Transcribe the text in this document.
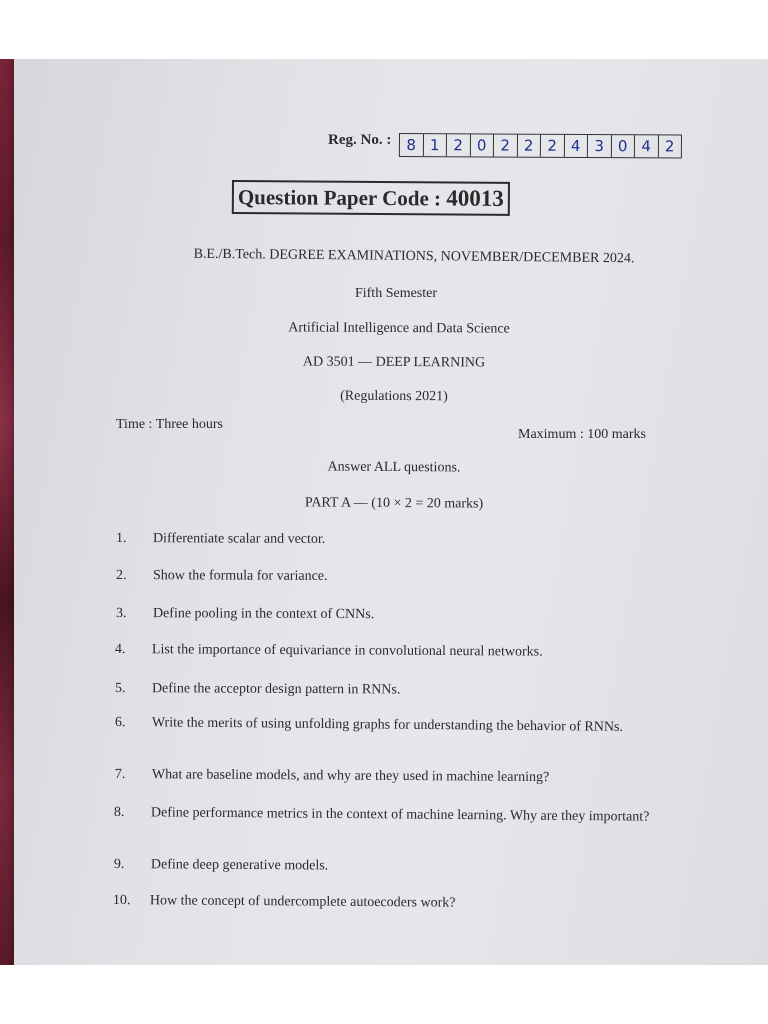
Reg. No. :	8 1 2 0 2 2 2 4 3 0 4 2
Question Paper Code : 40013
B.E./B.Tech. DEGREE EXAMINATIONS, NOVEMBER/DECEMBER 2024.
Fifth Semester
Artificial Intelligence and Data Science
AD 3501 — DEEP LEARNING
(Regulations 2021)
Time : Three hours
Maximum : 100 marks
Answer ALL questions.
PART A — (10 × 2 = 20 marks)
1.	Differentiate scalar and vector.
2.	Show the formula for variance.
3.	Define pooling in the context of CNNs.
4.	List the importance of equivariance in convolutional neural networks.
5.	Define the acceptor design pattern in RNNs.
6.	Write the merits of using unfolding graphs for understanding the behavior of RNNs.
7.	What are baseline models, and why are they used in machine learning?
8.	Define performance metrics in the context of machine learning. Why are they important?
9.	Define deep generative models.
10.	How the concept of undercomplete autoecoders work?
